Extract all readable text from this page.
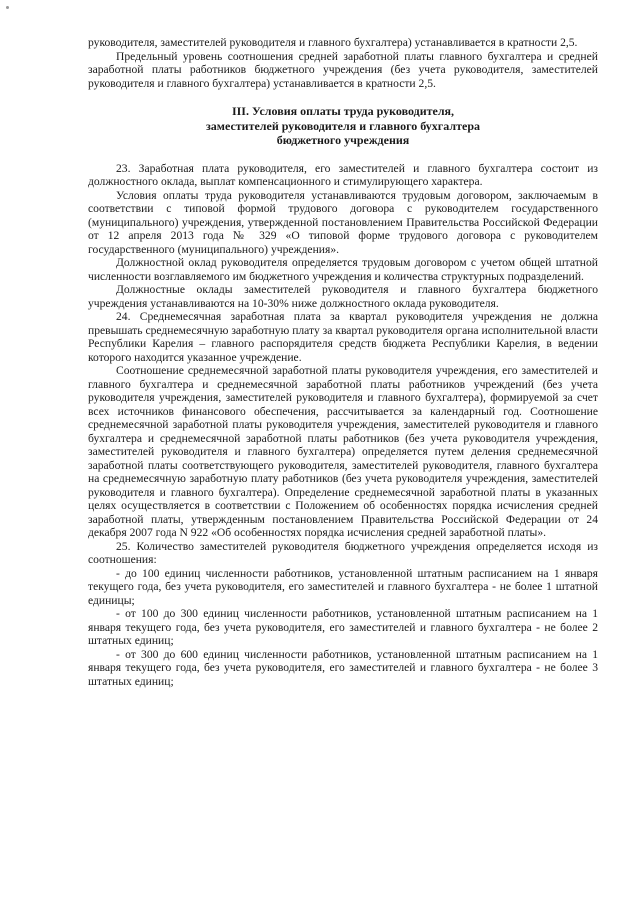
руководителя, заместителей руководителя и главного бухгалтера) устанавливается в кратности 2,5.

Предельный уровень соотношения средней заработной платы главного бухгалтера и средней заработной платы работников бюджетного учреждения (без учета руководителя, заместителей руководителя и главного бухгалтера) устанавливается в кратности 2,5.

III. Условия оплаты труда руководителя,
заместителей руководителя и главного бухгалтера
бюджетного учреждения

23. Заработная плата руководителя, его заместителей и главного бухгалтера состоит из должностного оклада, выплат компенсационного и стимулирующего характера.

Условия оплаты труда руководителя устанавливаются трудовым договором, заключаемым в соответствии с типовой формой трудового договора с руководителем государственного (муниципального) учреждения, утвержденной постановлением Правительства Российской Федерации от 12 апреля 2013 года № 329 «О типовой форме трудового договора с руководителем государственного (муниципального) учреждения».

Должностной оклад руководителя определяется трудовым договором с учетом общей штатной численности возглавляемого им бюджетного учреждения и количества структурных подразделений.

Должностные оклады заместителей руководителя и главного бухгалтера бюджетного учреждения устанавливаются на 10-30% ниже должностного оклада руководителя.

24. Среднемесячная заработная плата за квартал руководителя учреждения не должна превышать среднемесячную заработную плату за квартал руководителя органа исполнительной власти Республики Карелия – главного распорядителя средств бюджета Республики Карелия, в ведении которого находится указанное учреждение.

Соотношение среднемесячной заработной платы руководителя учреждения, его заместителей и главного бухгалтера и среднемесячной заработной платы работников учреждений (без учета руководителя учреждения, заместителей руководителя и главного бухгалтера), формируемой за счет всех источников финансового обеспечения, рассчитывается за календарный год. Соотношение среднемесячной заработной платы руководителя учреждения, заместителей руководителя и главного бухгалтера и среднемесячной заработной платы работников (без учета руководителя учреждения, заместителей руководителя и главного бухгалтера) определяется путем деления среднемесячной заработной платы соответствующего руководителя, заместителей руководителя, главного бухгалтера на среднемесячную заработную плату работников (без учета руководителя учреждения, заместителей руководителя и главного бухгалтера). Определение среднемесячной заработной платы в указанных целях осуществляется в соответствии с Положением об особенностях порядка исчисления средней заработной платы, утвержденным постановлением Правительства Российской Федерации от 24 декабря 2007 года N 922 «Об особенностях порядка исчисления средней заработной платы».

25. Количество заместителей руководителя бюджетного учреждения определяется исходя из соотношения:

- до 100 единиц численности работников, установленной штатным расписанием на 1 января текущего года, без учета руководителя, его заместителей и главного бухгалтера - не более 1 штатной единицы;

- от 100 до 300 единиц численности работников, установленной штатным расписанием на 1 января текущего года, без учета руководителя, его заместителей и главного бухгалтера - не более 2 штатных единиц;

- от 300 до 600 единиц численности работников, установленной штатным расписанием на 1 января текущего года, без учета руководителя, его заместителей и главного бухгалтера - не более 3 штатных единиц;
